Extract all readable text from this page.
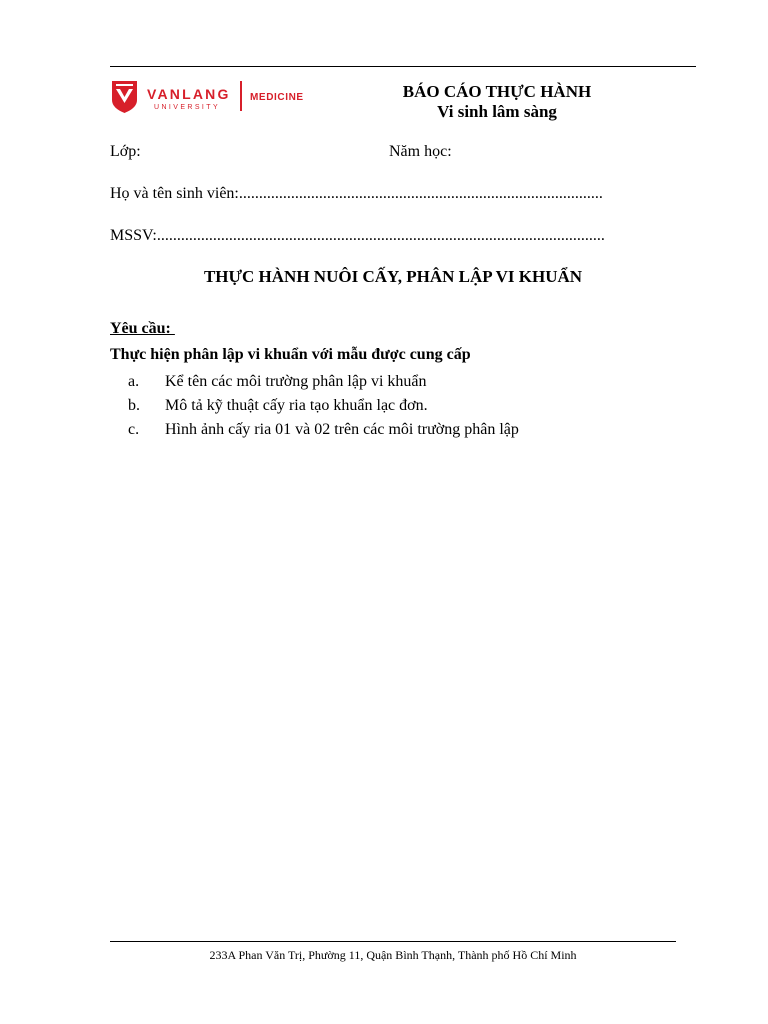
VANLANG
UNIVERSITY
MEDICINE	BÁO CÁO THỰC HÀNH
Vi sinh lâm sàng
Lớp:	Năm học:
Họ và tên sinh viên:...........................................................................................
MSSV:................................................................................................................
THỰC HÀNH NUÔI CẤY, PHÂN LẬP VI KHUẨN
Yêu cầu:
Thực hiện phân lập vi khuẩn với mẫu được cung cấp
a. Kể tên các môi trường phân lập vi khuẩn
b. Mô tả kỹ thuật cấy ria tạo khuẩn lạc đơn.
c. Hình ảnh cấy ria 01 và 02 trên các môi trường phân lập
233A Phan Văn Trị, Phường 11, Quận Bình Thạnh, Thành phố Hồ Chí Minh
